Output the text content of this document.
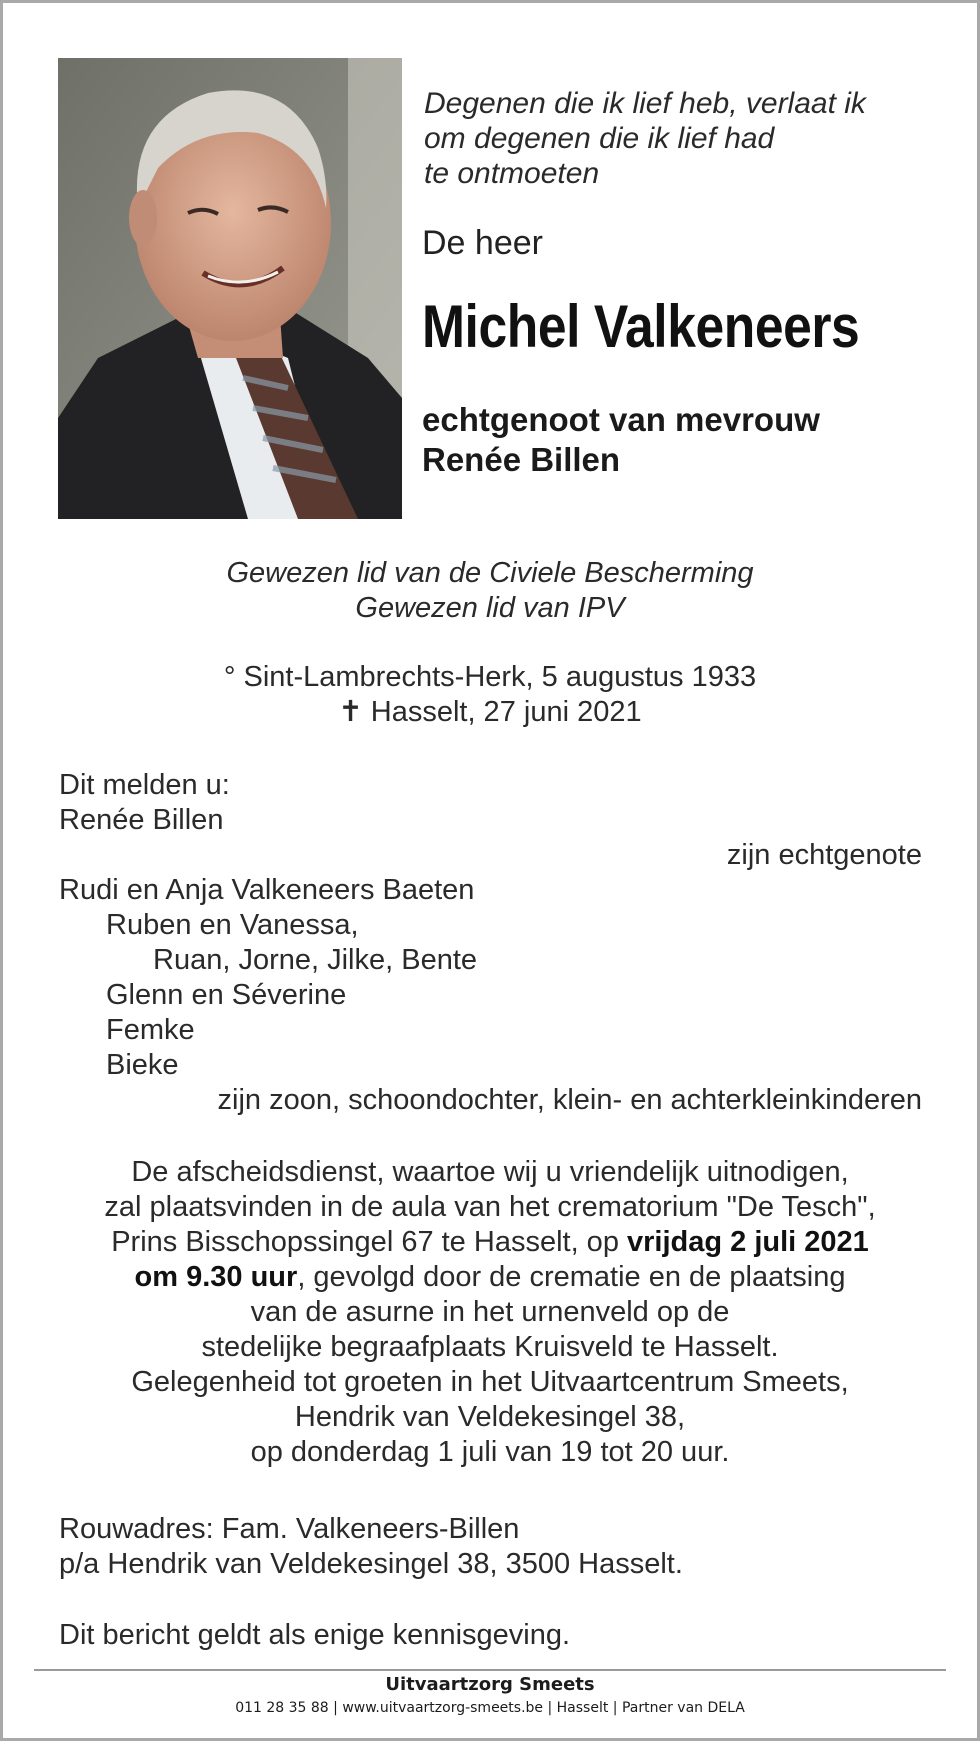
Degenen die ik lief heb, verlaat ik
om degenen die ik lief had
te ontmoeten
De heer
Michel Valkeneers
echtgenoot van mevrouw
Renée Billen
Gewezen lid van de Civiele Bescherming
Gewezen lid van IPV
° Sint-Lambrechts-Herk, 5 augustus 1933
✝ Hasselt, 27 juni 2021
Dit melden u:
Renée Billen
zijn echtgenote
Rudi en Anja Valkeneers Baeten
Ruben en Vanessa,
Ruan, Jorne, Jilke, Bente
Glenn en Séverine
Femke
Bieke
zijn zoon, schoondochter, klein- en achterkleinkinderen
De afscheidsdienst, waartoe wij u vriendelijk uitnodigen,
zal plaatsvinden in de aula van het crematorium "De Tesch",
Prins Bisschopssingel 67 te Hasselt, op vrijdag 2 juli 2021
om 9.30 uur, gevolgd door de crematie en de plaatsing
van de asurne in het urnenveld op de
stedelijke begraafplaats Kruisveld te Hasselt.
Gelegenheid tot groeten in het Uitvaartcentrum Smeets,
Hendrik van Veldekesingel 38,
op donderdag 1 juli van 19 tot 20 uur.
Rouwadres: Fam. Valkeneers-Billen
p/a Hendrik van Veldekesingel 38, 3500 Hasselt.
Dit bericht geldt als enige kennisgeving.
Uitvaartzorg Smeets
011 28 35 88 | www.uitvaartzorg-smeets.be | Hasselt | Partner van DELA
